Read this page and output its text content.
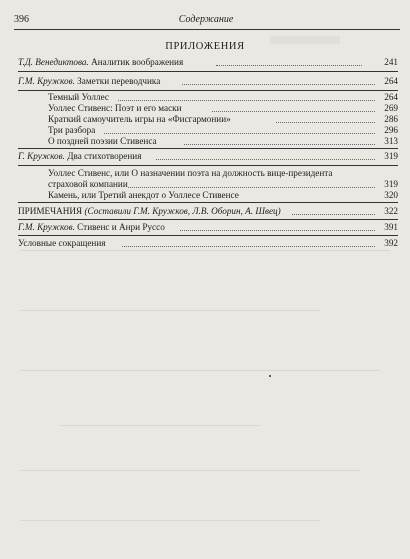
396	Содержание
ПРИЛОЖЕНИЯ
Т.Д. Венедиктова. Аналитик воображения	241
Г.М. Кружков. Заметки переводчика	264
Темный Уоллес	264
Уоллес Стивенс: Поэт и его маски	269
Краткий самоучитель игры на «Фисгармонии»	286
Три разбора	296
О поздней поэзии Стивенса	313
Г. Кружков. Два стихотворения	319
Уоллес Стивенс, или О назначении поэта на должность вице-президента
страховой компании	319
Камень, или Третий анекдот о Уоллесе Стивенсе	320
ПРИМЕЧАНИЯ (Составили Г.М. Кружков, Л.В. Оборин, А. Швец)	322
Г.М. Кружков. Стивенс и Анри Руссо	391
Условные сокращения	392
